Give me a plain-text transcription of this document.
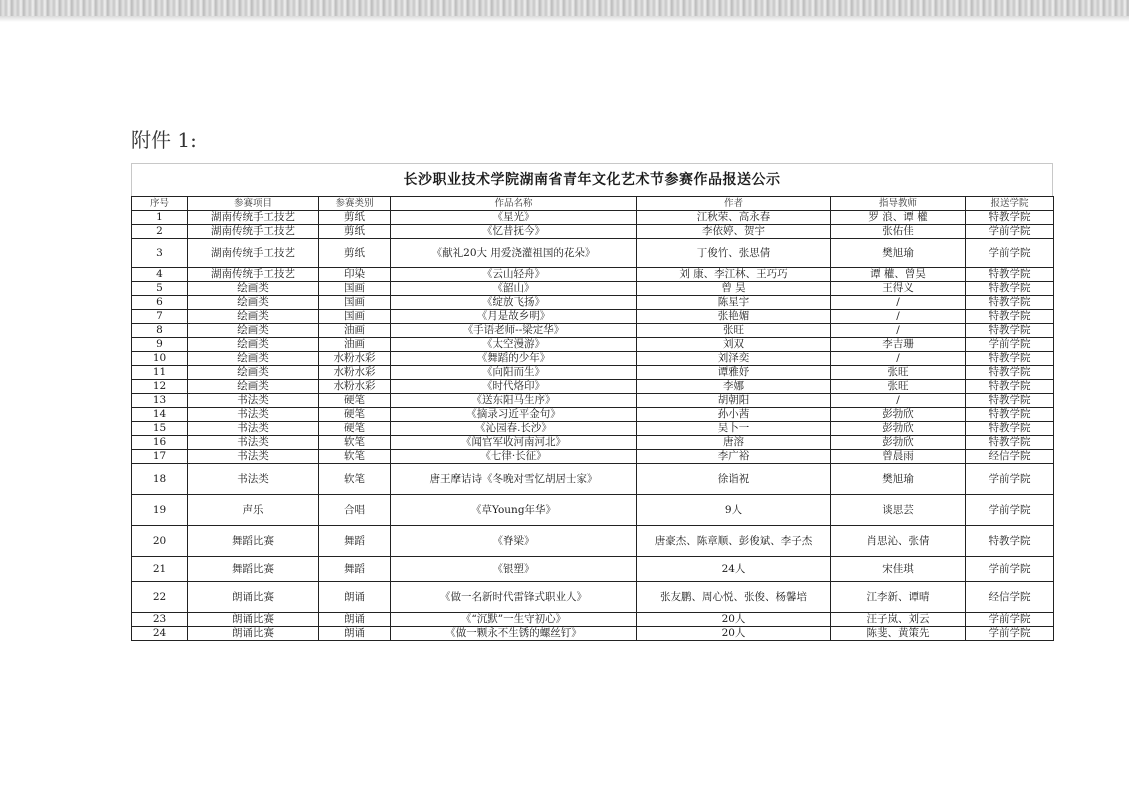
附件 1:
长沙职业技术学院湖南省青年文化艺术节参赛作品报送公示
序号	参赛项目	参赛类别	作品名称	作者	指导教师	报送学院
1	湖南传统手工技艺	剪纸	《星光》	江秋荣、高永春	罗 浪、谭 權	特教学院
2	湖南传统手工技艺	剪纸	《忆昔抚今》	李依婷、贺宇	张佑佳	学前学院
3	湖南传统手工技艺	剪纸	《献礼20大 用爱浇灌祖国的花朵》	丁俊竹、张思倩	樊旭瑜	学前学院
4	湖南传统手工技艺	印染	《云山轻舟》	刘 康、李江林、王巧巧	谭 權、曾昊	特教学院
5	绘画类	国画	《韶山》	曾 昊	王得义	特教学院
6	绘画类	国画	《绽放飞扬》	陈星宇	/	特教学院
7	绘画类	国画	《月是故乡明》	张艳媚	/	特教学院
8	绘画类	油画	《手语老师--梁定华》	张旺	/	特教学院
9	绘画类	油画	《太空漫游》	刘双	李吉珊	学前学院
10	绘画类	水粉水彩	《舞蹈的少年》	刘泽奕	/	特教学院
11	绘画类	水粉水彩	《向阳而生》	谭雅妤	张旺	特教学院
12	绘画类	水粉水彩	《时代烙印》	李娜	张旺	特教学院
13	书法类	硬笔	《送东阳马生序》	胡朝阳	/	特教学院
14	书法类	硬笔	《摘录习近平金句》	孙小茜	彭勃欣	特教学院
15	书法类	硬笔	《沁园春.长沙》	吴卜一	彭勃欣	特教学院
16	书法类	软笔	《闻官军收河南河北》	唐溶	彭勃欣	特教学院
17	书法类	软笔	《七律·长征》	李广裕	曾晨雨	经信学院
18	书法类	软笔	唐王摩诘诗《冬晚对雪忆胡居士家》	徐诣祝	樊旭瑜	学前学院
19	声乐	合唱	《草Young年华》	9人	谈思芸	学前学院
20	舞蹈比赛	舞蹈	《脊梁》	唐豪杰、陈章顺、彭俊斌、李子杰	肖思沁、张倩	特教学院
21	舞蹈比赛	舞蹈	《银塑》	24人	宋佳琪	学前学院
22	朗诵比赛	朗诵	《做一名新时代雷锋式职业人》	张友鹏、周心悦、张俊、杨馨培	江李新、谭晴	经信学院
23	朗诵比赛	朗诵	《“沉默”一生守初心》	20人	汪子岚、刘云	学前学院
24	朗诵比赛	朗诵	《做一颗永不生锈的螺丝钉》	20人	陈斐、黄策先	学前学院
